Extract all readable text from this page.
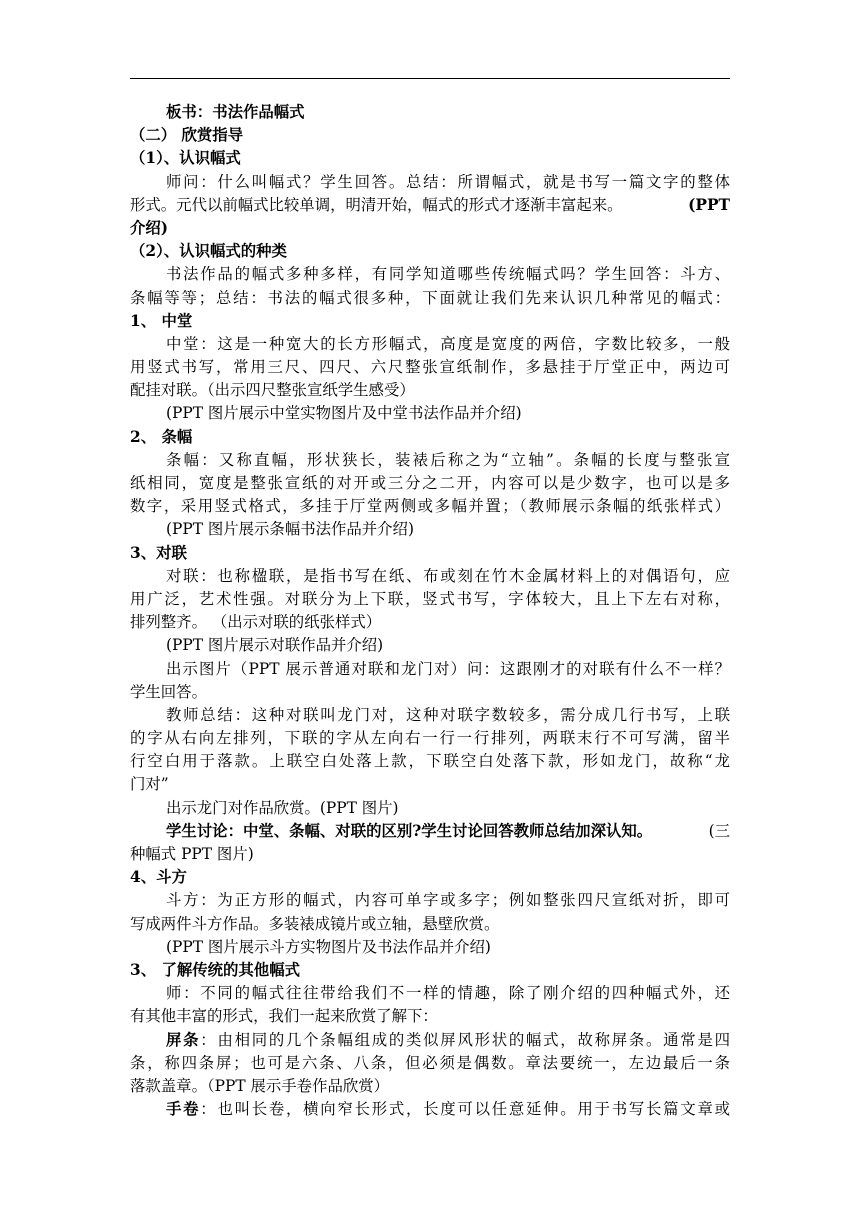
板书：书法作品幅式
（二） 欣赏指导
（1）、认识幅式
师问：什么叫幅式？学生回答。总结：所谓幅式，就是书写一篇文字的整体
形式。元代以前幅式比较单调，明清开始，幅式的形式才逐渐丰富起来。	(PPT
介绍)
（2）、认识幅式的种类
书法作品的幅式多种多样，有同学知道哪些传统幅式吗？学生回答：斗方、
条幅等等；总结：书法的幅式很多种，下面就让我们先来认识几种常见的幅式：
1、 中堂
中堂：这是一种宽大的长方形幅式，高度是宽度的两倍，字数比较多，一般
用竖式书写，常用三尺、四尺、六尺整张宣纸制作，多悬挂于厅堂正中，两边可
配挂对联。（出示四尺整张宣纸学生感受）
(PPT 图片展示中堂实物图片及中堂书法作品并介绍)
2、 条幅
条幅：又称直幅，形状狭长，装裱后称之为“立轴”。条幅的长度与整张宣
纸相同，宽度是整张宣纸的对开或三分之二开，内容可以是少数字，也可以是多
数字，采用竖式格式，多挂于厅堂两侧或多幅并置；（教师展示条幅的纸张样式）
(PPT 图片展示条幅书法作品并介绍)
3、对联
对联：也称楹联，是指书写在纸、布或刻在竹木金属材料上的对偶语句，应
用广泛，艺术性强。对联分为上下联，竖式书写，字体较大，且上下左右对称，
排列整齐。 （出示对联的纸张样式）
(PPT 图片展示对联作品并介绍)
出示图片（PPT 展示普通对联和龙门对）问：这跟刚才的对联有什么不一样？
学生回答。
教师总结：这种对联叫龙门对，这种对联字数较多，需分成几行书写，上联
的字从右向左排列，下联的字从左向右一行一行排列，两联末行不可写满，留半
行空白用于落款。上联空白处落上款，下联空白处落下款，形如龙门，故称“龙
门对”
出示龙门对作品欣赏。(PPT 图片)
学生讨论：中堂、条幅、对联的区别?学生讨论回答教师总结加深认知。	(三
种幅式 PPT 图片)
4、斗方
斗方：为正方形的幅式，内容可单字或多字；例如整张四尺宣纸对折，即可
写成两件斗方作品。多装裱成镜片或立轴，悬壁欣赏。
(PPT 图片展示斗方实物图片及书法作品并介绍)
3、 了解传统的其他幅式
师：不同的幅式往往带给我们不一样的情趣，除了刚介绍的四种幅式外，还
有其他丰富的形式，我们一起来欣赏了解下：
屏条：由相同的几个条幅组成的类似屏风形状的幅式，故称屏条。通常是四
条，称四条屏；也可是六条、八条，但必须是偶数。章法要统一，左边最后一条
落款盖章。（PPT 展示手卷作品欣赏）
手卷：也叫长卷，横向窄长形式，长度可以任意延伸。用于书写长篇文章或
